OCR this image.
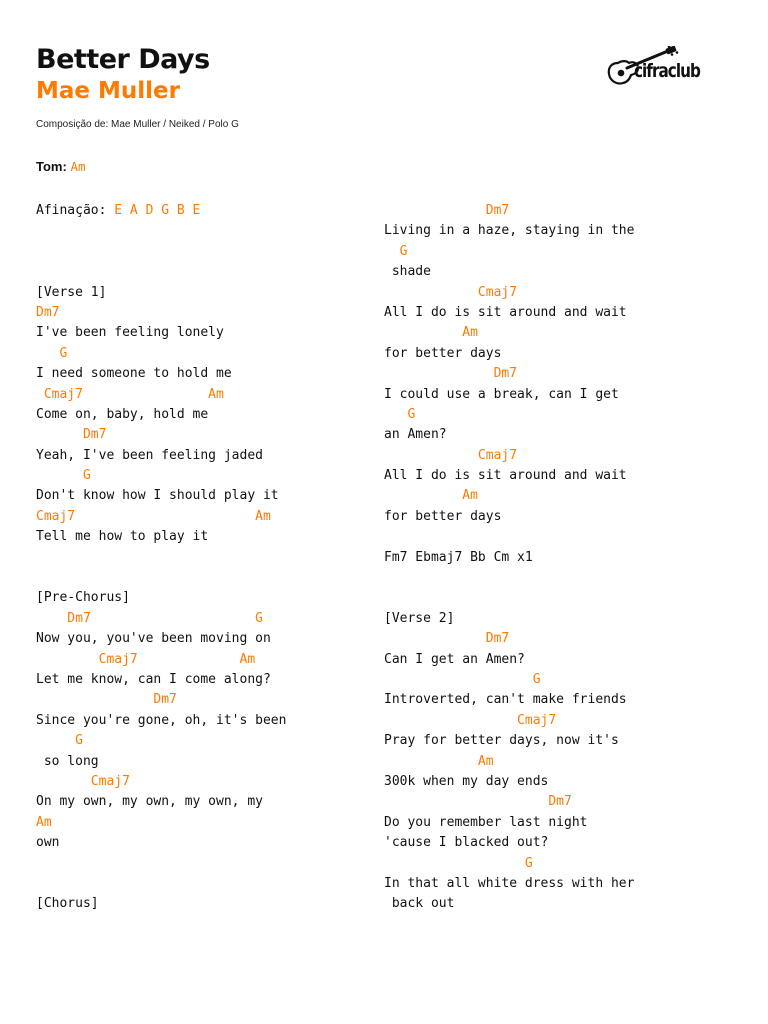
Better Days
Mae Muller
Composição de: Mae Muller / Neiked / Polo G
cifraclub
Tom: Am
Afinação: E A D G B E
[Verse 1]
Dm7
I've been feeling lonely
G
I need someone to hold me
Cmaj7                Am
Come on, baby, hold me
Dm7
Yeah, I've been feeling jaded
G
Don't know how I should play it
Cmaj7                       Am
Tell me how to play it
[Pre-Chorus]
Dm7                     G
Now you, you've been moving on
Cmaj7             Am
Let me know, can I come along?
Dm7
Since you're gone, oh, it's been
G
so long
Cmaj7
On my own, my own, my own, my
Am
own
[Chorus]
Dm7
Living in a haze, staying in the
G
shade
Cmaj7
All I do is sit around and wait
Am
for better days
Dm7
I could use a break, can I get
G
an Amen?
Cmaj7
All I do is sit around and wait
Am
for better days
Fm7 Ebmaj7 Bb Cm x1
[Verse 2]
Dm7
Can I get an Amen?
G
Introverted, can't make friends
Cmaj7
Pray for better days, now it's
Am
300k when my day ends
Dm7
Do you remember last night
'cause I blacked out?
G
In that all white dress with her
back out
